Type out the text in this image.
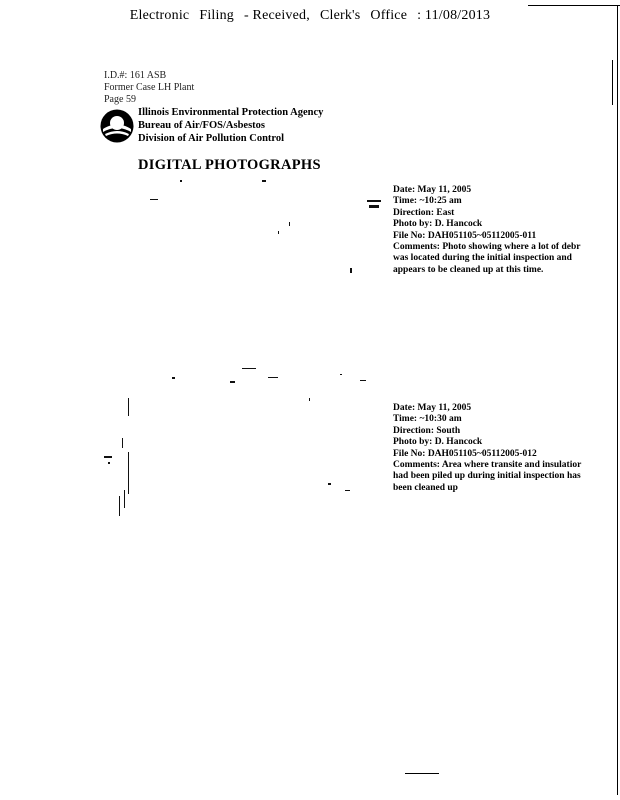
Electronic Filing - Received, Clerk's Office : 11/08/2013
I.D.#: 161 ASB
Former Case LH Plant
Page 59
Illinois Environmental Protection Agency
Bureau of Air/FOS/Asbestos
Division of Air Pollution Control
DIGITAL PHOTOGRAPHS
Date: May 11, 2005
Time: ~10:25 am
Direction: East
Photo by: D. Hancock
File No: DAH051105~05112005-011
Comments: Photo showing where a lot of debr
was located during the initial inspection and
appears to be cleaned up at this time.
Date: May 11, 2005
Time: ~10:30 am
Direction: South
Photo by: D. Hancock
File No: DAH051105~05112005-012
Comments: Area where transite and insulatior
had been piled up during initial inspection has
been cleaned up
